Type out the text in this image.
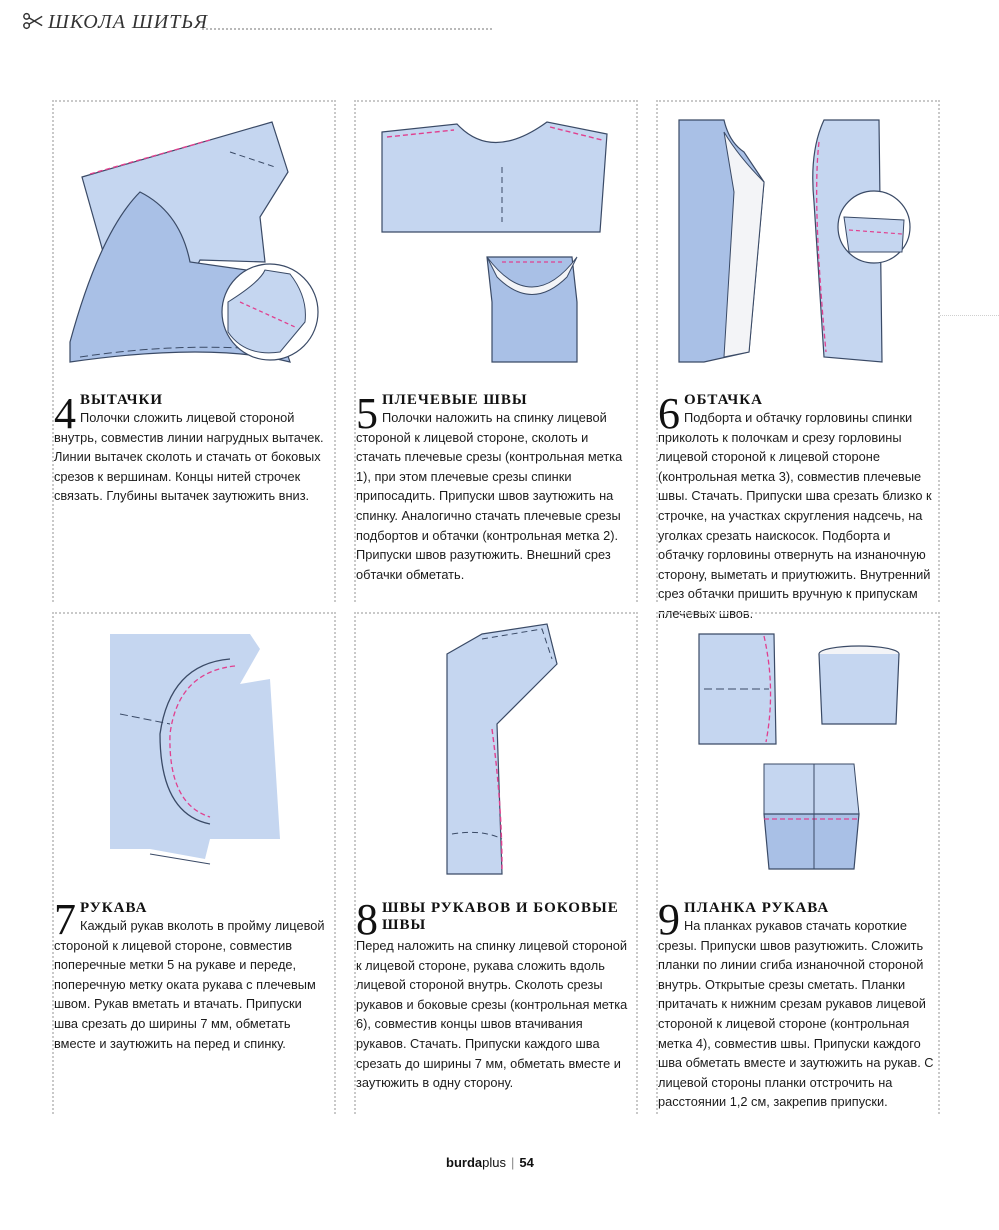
ШКОЛА ШИТЬЯ
4 ВЫТАЧКИ
Полочки сложить лицевой стороной внутрь, совместив линии нагрудных вытачек. Линии вытачек сколоть и стачать от боковых срезов к вершинам. Концы нитей строчек связать. Глубины вытачек заутюжить вниз.
5 ПЛЕЧЕВЫЕ ШВЫ
Полочки наложить на спинку лицевой стороной к лицевой стороне, сколоть и стачать плечевые срезы (контрольная метка 1), при этом плечевые срезы спинки припосадить. Припуски швов заутюжить на спинку. Аналогично стачать плечевые срезы подбортов и обтачки (контрольная метка 2). Припуски швов разутюжить. Внешний срез обтачки обметать.
6 ОБТАЧКА
Подборта и обтачку горловины спинки приколоть к полочкам и срезу горловины лицевой стороной к лицевой стороне (контрольная метка 3), совместив плечевые швы. Стачать. Припуски шва срезать близко к строчке, на участках скругления надсечь, на уголках срезать наискосок. Подборта и обтачку горловины отвернуть на изнаночную сторону, выметать и приутюжить. Внутренний срез обтачки пришить вручную к припускам плечевых швов.
7 РУКАВА
Каждый рукав вколоть в пройму лицевой стороной к лицевой стороне, совместив поперечные метки 5 на рукаве и переде, поперечную метку оката рукава с плечевым швом. Рукав вметать и втачать. Припуски шва срезать до ширины 7 мм, обметать вместе и заутюжить на перед и спинку.
8 ШВЫ РУКАВОВ И БОКОВЫЕ ШВЫ
Перед наложить на спинку лицевой стороной к лицевой стороне, рукава сложить вдоль лицевой стороной внутрь. Сколоть срезы рукавов и боковые срезы (контрольная метка 6), совместив концы швов втачивания рукавов. Стачать. Припуски каждого шва срезать до ширины 7 мм, обметать вместе и заутюжить в одну сторону.
9 ПЛАНКА РУКАВА
На планках рукавов стачать короткие срезы. Припуски швов разутюжить. Сложить планки по линии сгиба изнаночной стороной внутрь. Открытые срезы сметать. Планки притачать к нижним срезам рукавов лицевой стороной к лицевой стороне (контрольная метка 4), совместив швы. Припуски каждого шва обметать вместе и заутюжить на рукав. С лицевой стороны планки отстрочить на расстоянии 1,2 см, закрепив припуски.
burdaplus | 54
